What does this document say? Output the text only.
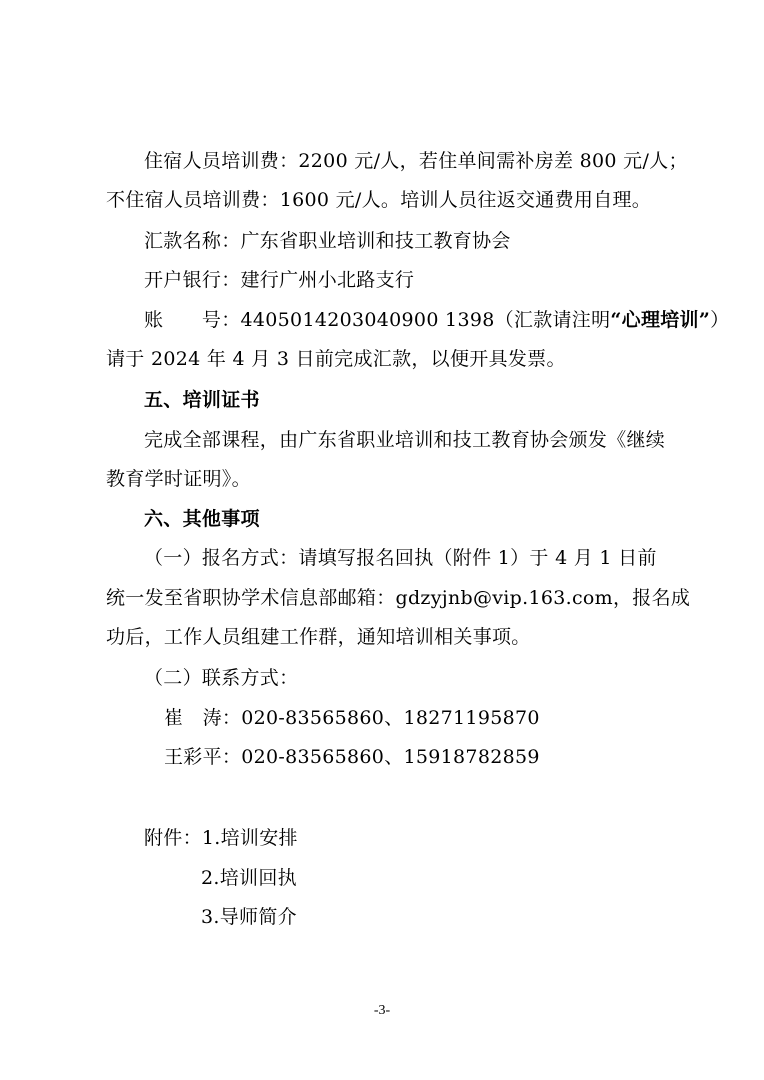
住宿人员培训费：2200 元/人，若住单间需补房差 800 元/人；
不住宿人员培训费：1600 元/人。培训人员往返交通费用自理。
汇款名称：广东省职业培训和技工教育协会
开户银行：建行广州小北路支行
账　　号：4405014203040900 1398（汇款请注明“心理培训”）
请于 2024 年 4 月 3 日前完成汇款，以便开具发票。
五、培训证书
完成全部课程，由广东省职业培训和技工教育协会颁发《继续
教育学时证明》。
六、其他事项
（一）报名方式：请填写报名回执（附件 1）于 4 月 1 日前
统一发至省职协学术信息部邮箱：gdzyjnb@vip.163.com，报名成
功后，工作人员组建工作群，通知培训相关事项。
（二）联系方式：
崔　涛：020-83565860、18271195870
王彩平：020-83565860、15918782859
附件：1.培训安排
2.培训回执
3.导师简介
-3-
